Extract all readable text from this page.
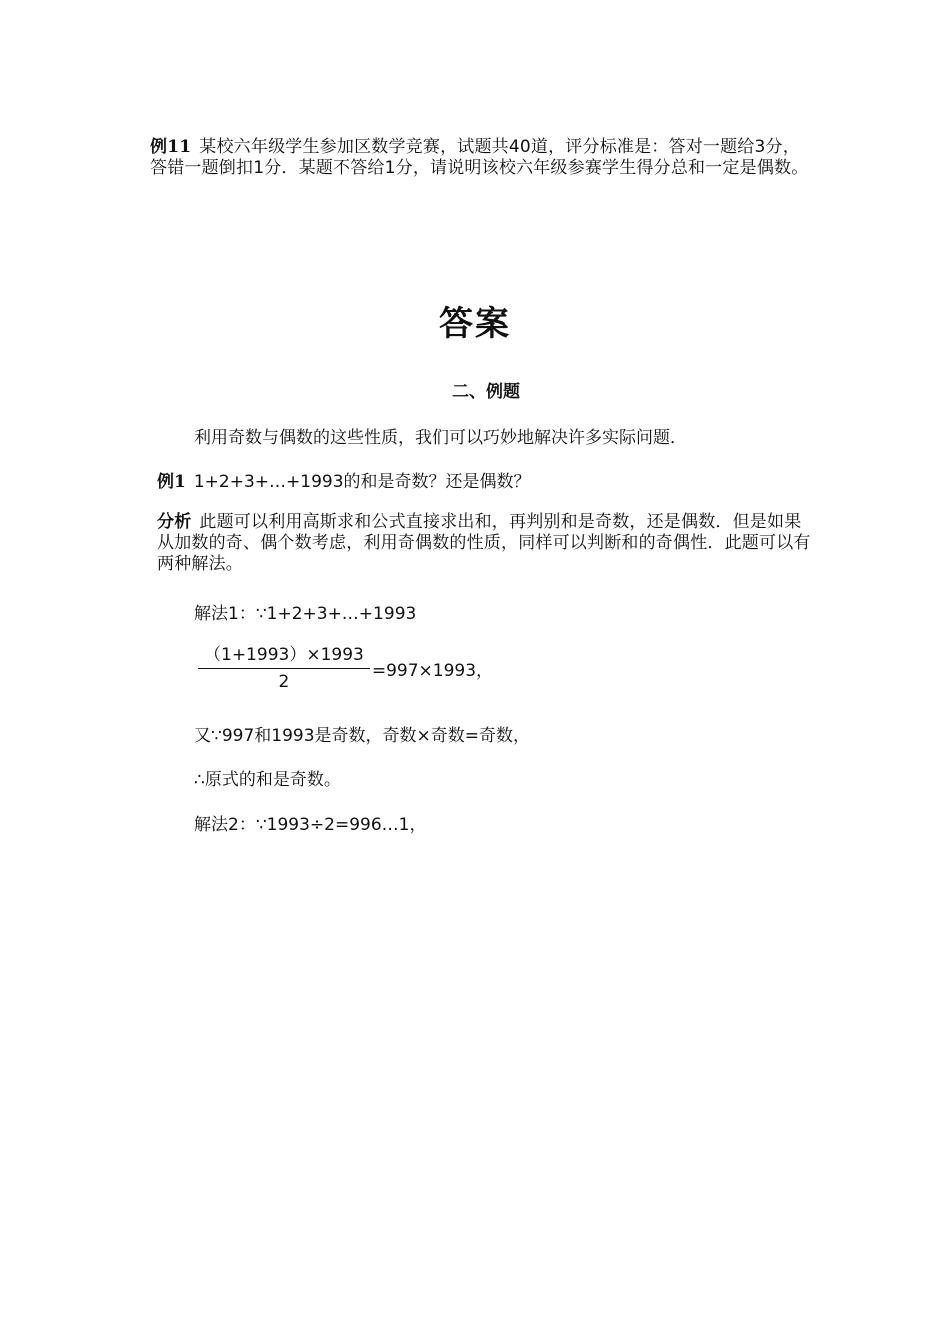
例11 某校六年级学生参加区数学竞赛，试题共40道，评分标准是：答对一题给3分，答错一题倒扣1分．某题不答给1分，请说明该校六年级参赛学生得分总和一定是偶数。
答案
二、例题
利用奇数与偶数的这些性质，我们可以巧妙地解决许多实际问题．
例1 1+2+3+…+1993的和是奇数？还是偶数？
分析 此题可以利用高斯求和公式直接求出和，再判别和是奇数，还是偶数．但是如果从加数的奇、偶个数考虑，利用奇偶数的性质，同样可以判断和的奇偶性．此题可以有两种解法。
解法1：∵1+2+3+…+1993
$\frac{(1+1993)\times 1993}{2} =997\times 1993$，
又∵997和1993是奇数，奇数×奇数=奇数，
∴原式的和是奇数。
解法2：∵1993÷2=996…1，
